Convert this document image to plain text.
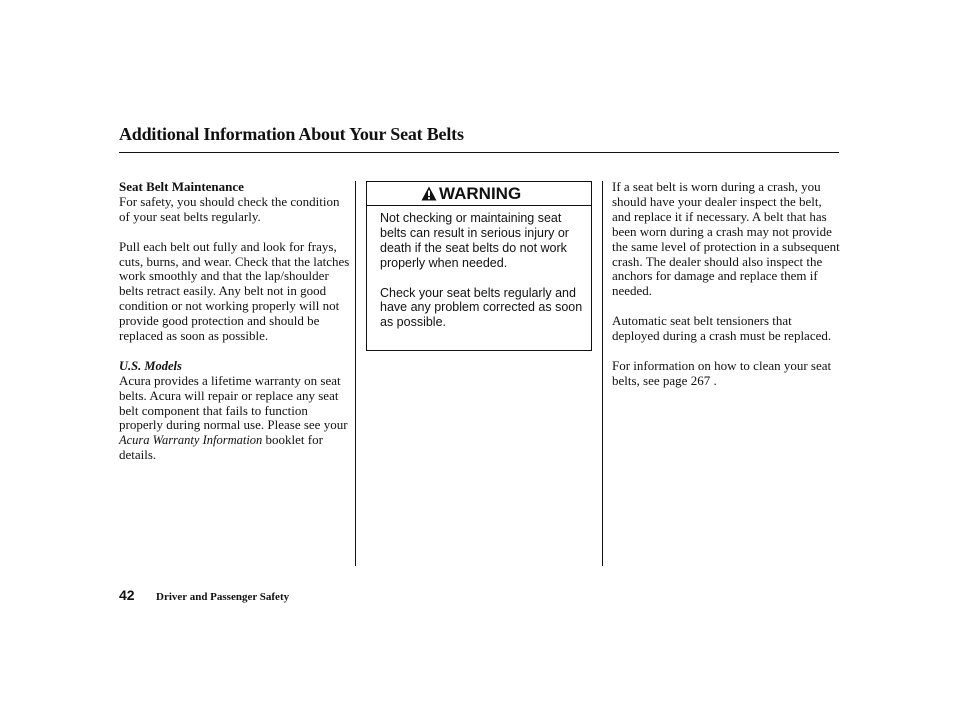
Additional Information About Your Seat Belts
Seat Belt Maintenance

For safety, you should check the condition of your seat belts regularly.

Pull each belt out fully and look for frays, cuts, burns, and wear. Check that the latches work smoothly and that the lap/shoulder belts retract easily. Any belt not in good condition or not working properly will not provide good protection and should be replaced as soon as possible.

U.S. Models

Acura provides a lifetime warranty on seat belts. Acura will repair or replace any seat belt component that fails to function properly during normal use. Please see your Acura Warranty Information booklet for details.

WARNING

Not checking or maintaining seat belts can result in serious injury or death if the seat belts do not work properly when needed.

Check your seat belts regularly and have any problem corrected as soon as possible.

If a seat belt is worn during a crash, you should have your dealer inspect the belt, and replace it if necessary. A belt that has been worn during a crash may not provide the same level of protection in a subsequent crash. The dealer should also inspect the anchors for damage and replace them if needed.

Automatic seat belt tensioners that deployed during a crash must be replaced.

For information on how to clean your seat belts, see page 267 .

42 Driver and Passenger Safety
